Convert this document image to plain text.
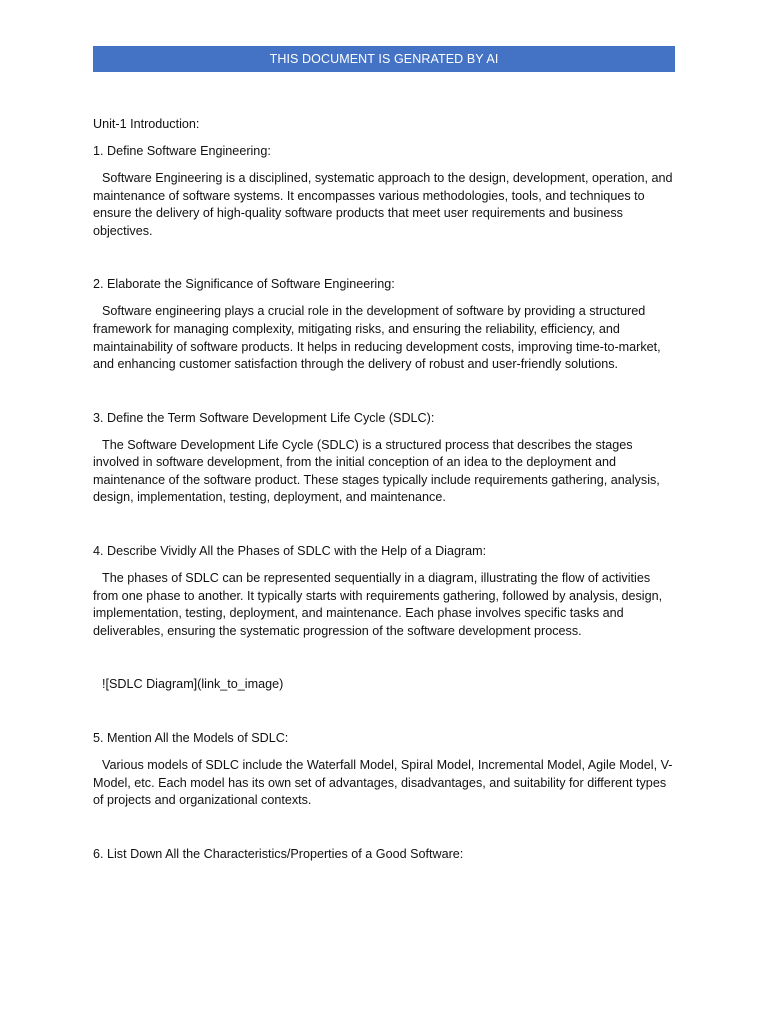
THIS DOCUMENT IS GENRATED BY AI

Unit-1 Introduction:

1. Define Software Engineering:

Software Engineering is a disciplined, systematic approach to the design, development, operation, and maintenance of software systems. It encompasses various methodologies, tools, and techniques to ensure the delivery of high-quality software products that meet user requirements and business objectives.

2. Elaborate the Significance of Software Engineering:

Software engineering plays a crucial role in the development of software by providing a structured framework for managing complexity, mitigating risks, and ensuring the reliability, efficiency, and maintainability of software products. It helps in reducing development costs, improving time-to-market, and enhancing customer satisfaction through the delivery of robust and user-friendly solutions.

3. Define the Term Software Development Life Cycle (SDLC):

The Software Development Life Cycle (SDLC) is a structured process that describes the stages involved in software development, from the initial conception of an idea to the deployment and maintenance of the software product. These stages typically include requirements gathering, analysis, design, implementation, testing, deployment, and maintenance.

4. Describe Vividly All the Phases of SDLC with the Help of a Diagram:

The phases of SDLC can be represented sequentially in a diagram, illustrating the flow of activities from one phase to another. It typically starts with requirements gathering, followed by analysis, design, implementation, testing, deployment, and maintenance. Each phase involves specific tasks and deliverables, ensuring the systematic progression of the software development process.

![SDLC Diagram](link_to_image)

5. Mention All the Models of SDLC:

Various models of SDLC include the Waterfall Model, Spiral Model, Incremental Model, Agile Model, V-Model, etc. Each model has its own set of advantages, disadvantages, and suitability for different types of projects and organizational contexts.

6. List Down All the Characteristics/Properties of a Good Software:
